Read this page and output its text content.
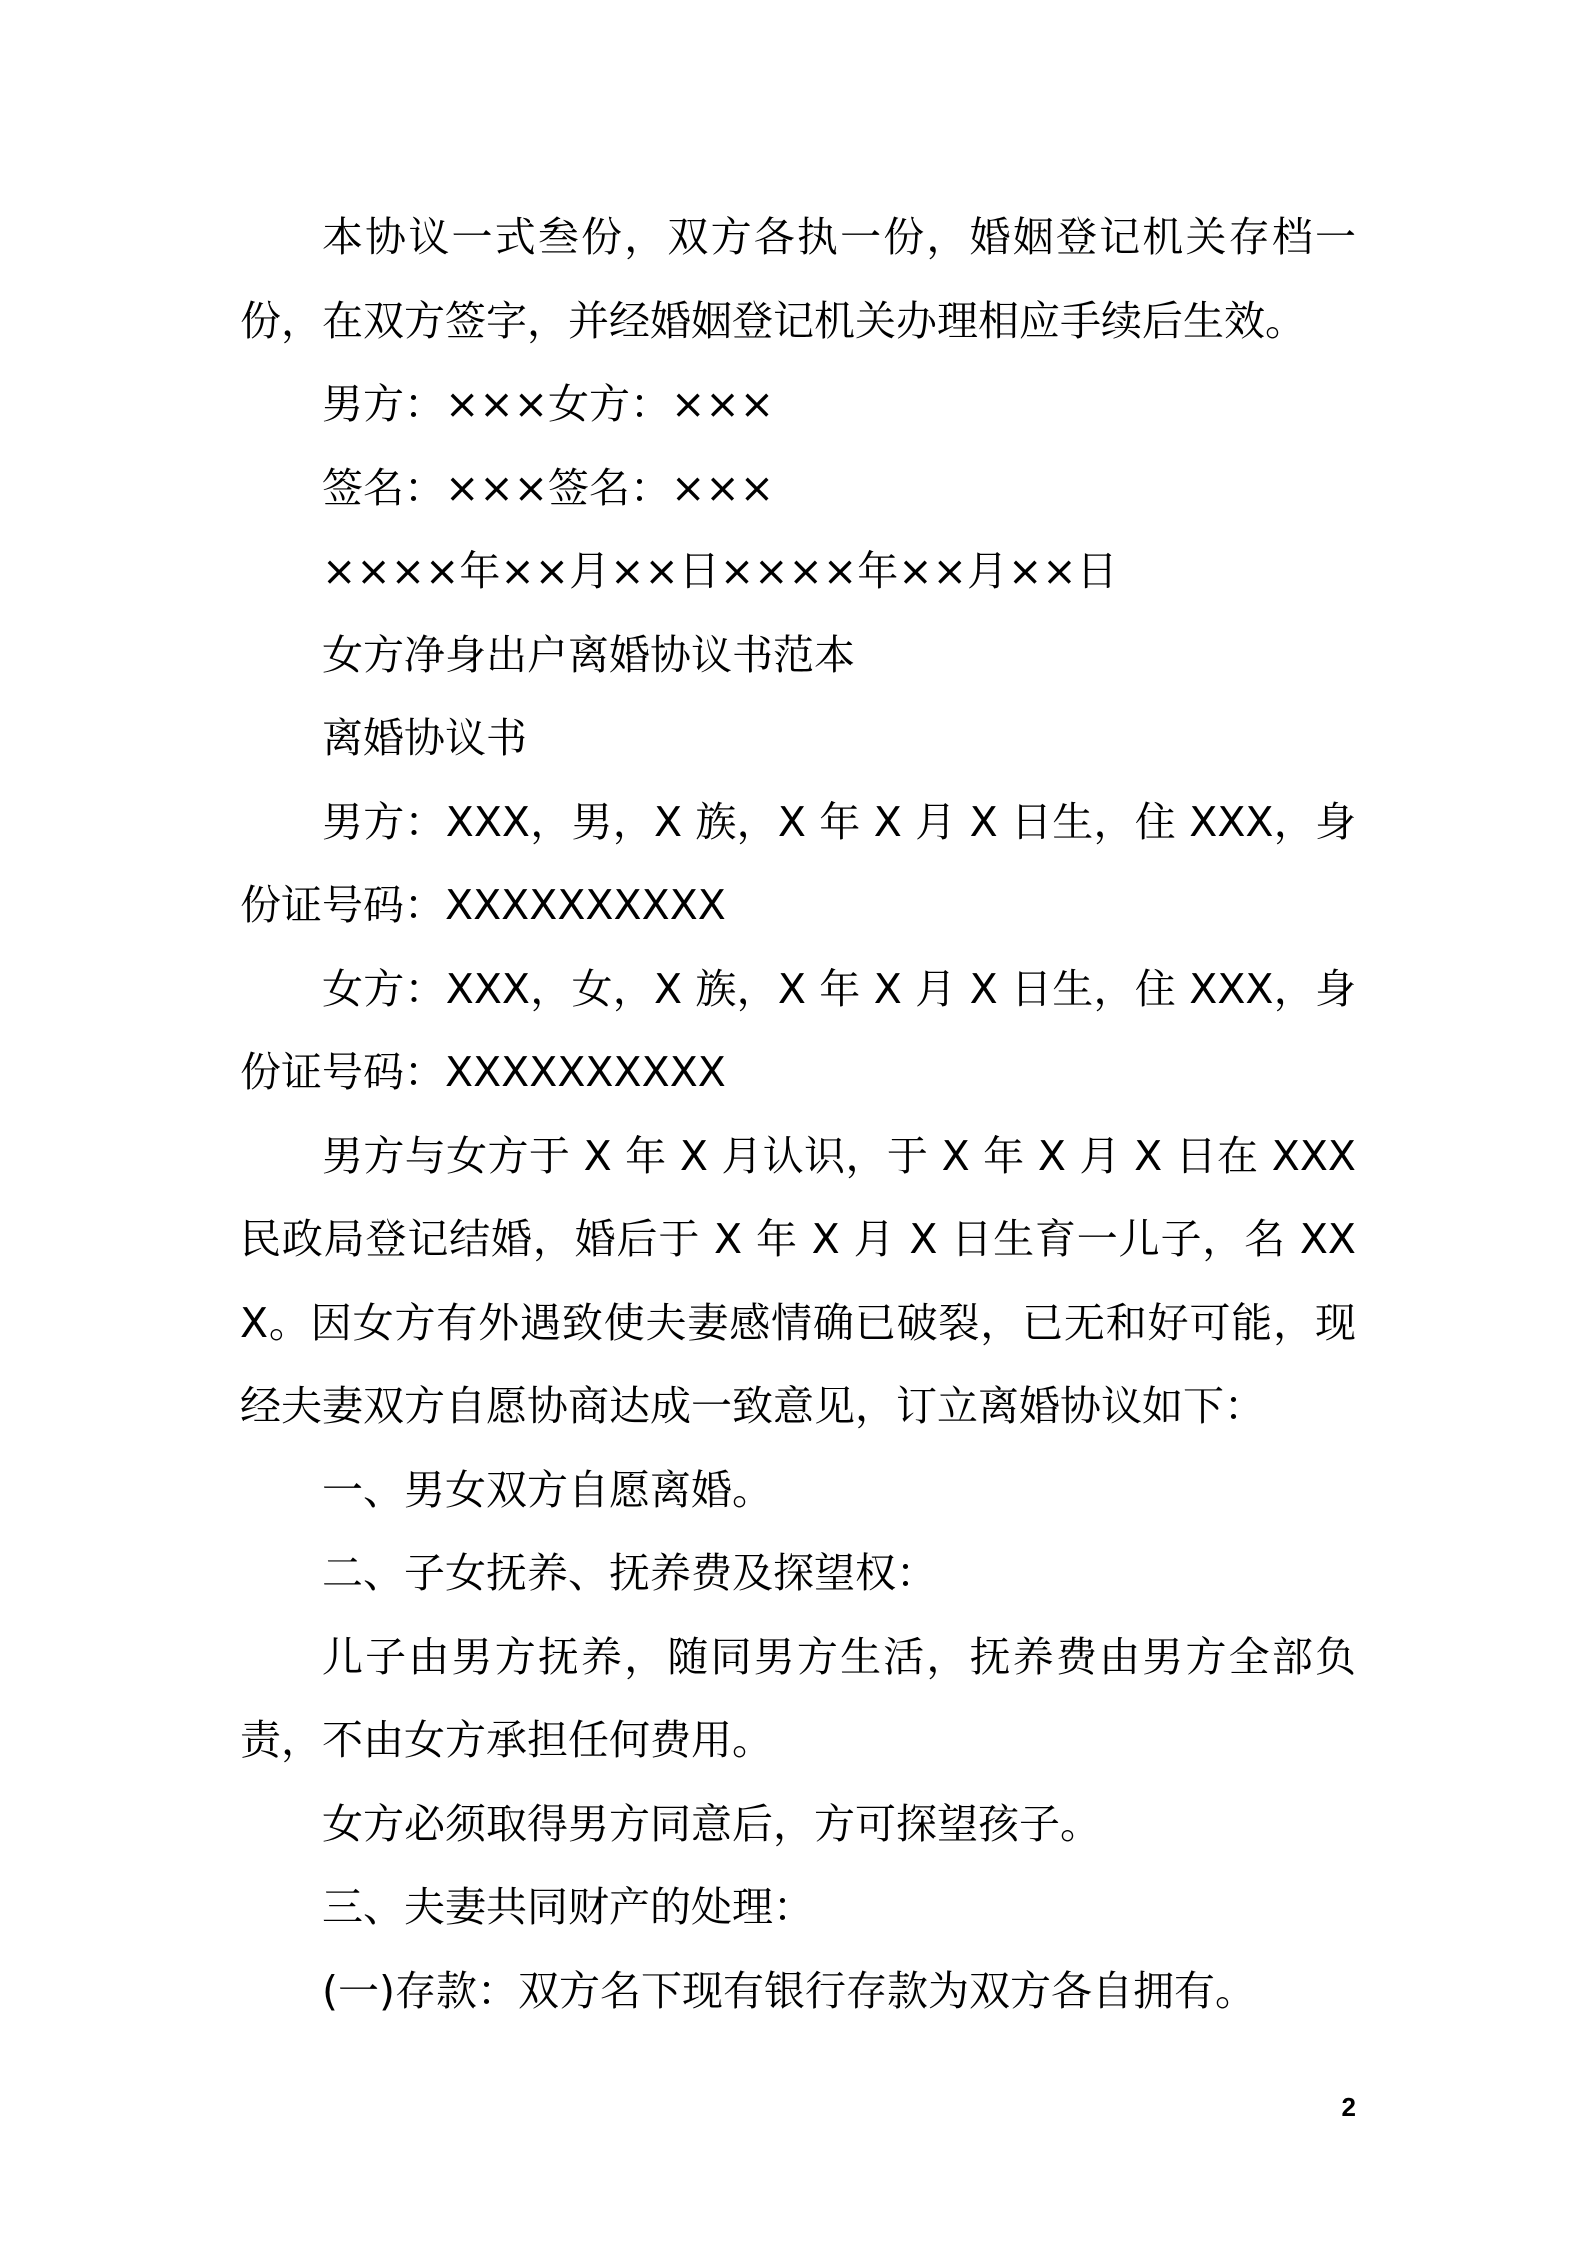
本协议一式叁份，双方各执一份，婚姻登记机关存档一份，在双方签字，并经婚姻登记机关办理相应手续后生效。

男方：×××女方：×××

签名：×××签名：×××

××××年××月××日××××年××月××日

女方净身出户离婚协议书范本

离婚协议书

男方：XXX，男，X 族，X 年 X 月 X 日生，住 XXX，身份证号码：XXXXXXXXXX

女方：XXX，女，X 族，X 年 X 月 X 日生，住 XXX，身份证号码：XXXXXXXXXX

男方与女方于 X 年 X 月认识，于 X 年 X 月 X 日在 XXX 民政局登记结婚，婚后于 X 年 X 月 X 日生育一儿子，名 XXX。因女方有外遇致使夫妻感情确已破裂，已无和好可能，现经夫妻双方自愿协商达成一致意见，订立离婚协议如下：

一、男女双方自愿离婚。

二、子女抚养、抚养费及探望权：

儿子由男方抚养，随同男方生活，抚养费由男方全部负责，不由女方承担任何费用。

女方必须取得男方同意后，方可探望孩子。

三、夫妻共同财产的处理：

(一)存款：双方名下现有银行存款为双方各自拥有。

2
